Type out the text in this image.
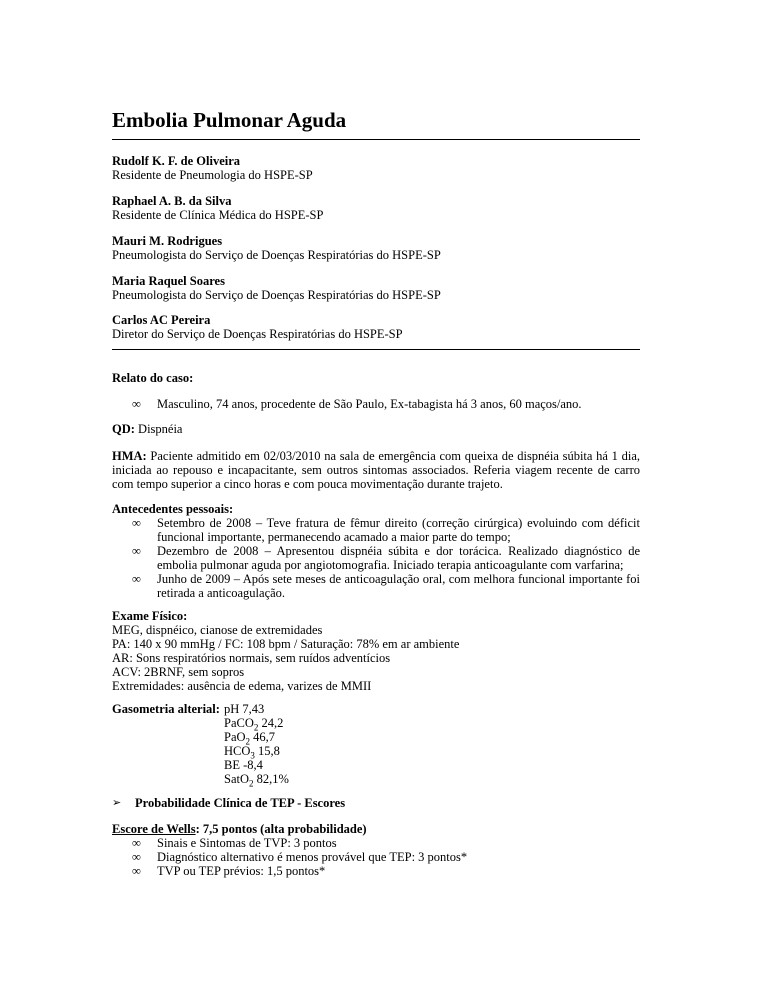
Embolia Pulmonar Aguda
Rudolf K. F. de Oliveira
Residente de Pneumologia do HSPE-SP
Raphael A. B. da Silva
Residente de Clínica Médica do HSPE-SP
Mauri M. Rodrigues
Pneumologista do Serviço de Doenças Respiratórias do HSPE-SP
Maria Raquel Soares
Pneumologista do Serviço de Doenças Respiratórias do HSPE-SP
Carlos AC Pereira
Diretor do Serviço de Doenças Respiratórias do HSPE-SP
Relato do caso:
∞ Masculino, 74 anos, procedente de São Paulo, Ex-tabagista há 3 anos, 60 maços/ano.
QD: Dispnéia
HMA: Paciente admitido em 02/03/2010 na sala de emergência com queixa de dispnéia súbita há 1 dia, iniciada ao repouso e incapacitante, sem outros sintomas associados. Referia viagem recente de carro com tempo superior a cinco horas e com pouca movimentação durante trajeto.
Antecedentes pessoais:
∞ Setembro de 2008 – Teve fratura de fêmur direito (correção cirúrgica) evoluindo com déficit funcional importante, permanecendo acamado a maior parte do tempo;
∞ Dezembro de 2008 – Apresentou dispnéia súbita e dor torácica. Realizado diagnóstico de embolia pulmonar aguda por angiotomografia. Iniciado terapia anticoagulante com varfarina;
∞ Junho de 2009 – Após sete meses de anticoagulação oral, com melhora funcional importante foi retirada a anticoagulação.
Exame Físico:
MEG, dispnéico, cianose de extremidades
PA: 140 x 90 mmHg / FC: 108 bpm / Saturação: 78% em ar ambiente
AR: Sons respiratórios normais, sem ruídos adventícios
ACV: 2BRNF, sem sopros
Extremidades: ausência de edema, varizes de MMII
Gasometria alterial: pH 7,43
PaCO$_2$ 24,2
PaO$_2$ 46,7
$HCO_3$ 15,8
BE -8,4
SatO$_2$ 82,1%
➢ Probabilidade Clínica de TEP - Escores
Escore de Wells: 7,5 pontos (alta probabilidade)
∞ Sinais e Sintomas de TVP: 3 pontos
∞ Diagnóstico alternativo é menos provável que TEP: 3 pontos*
∞ TVP ou TEP prévios: 1,5 pontos*
